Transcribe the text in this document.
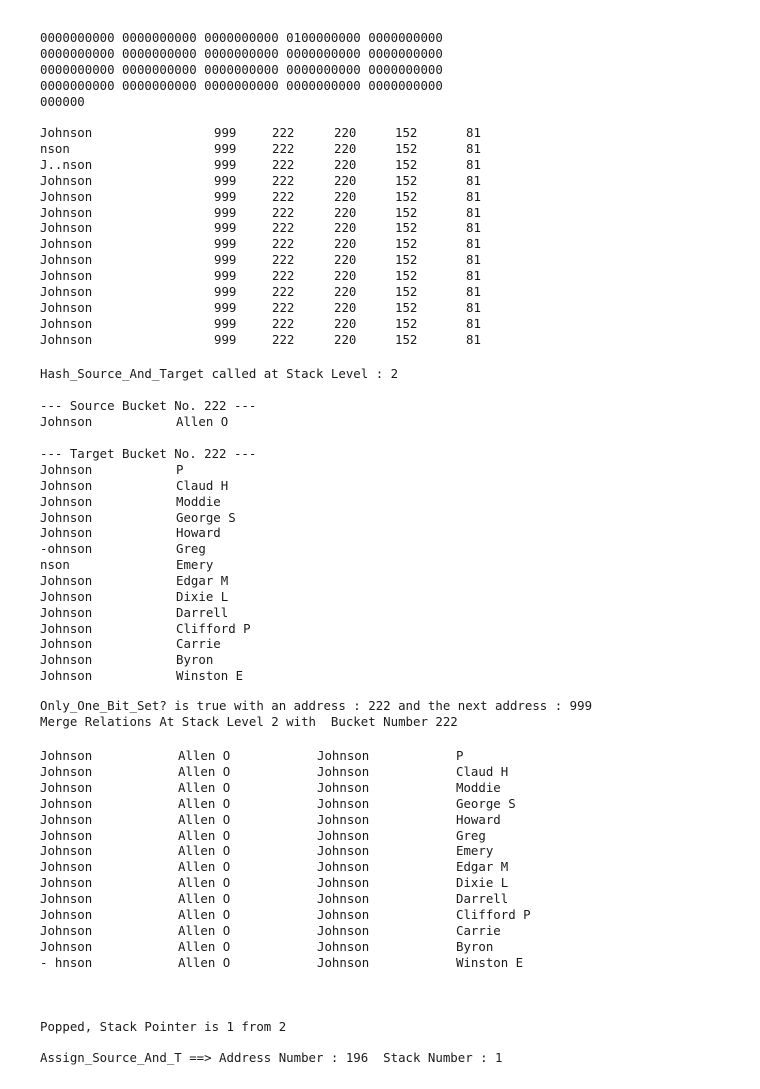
0000000000 0000000000 0000000000 0100000000 0000000000
0000000000 0000000000 0000000000 0000000000 0000000000
0000000000 0000000000 0000000000 0000000000 0000000000
0000000000 0000000000 0000000000 0000000000 0000000000
000000
Johnson	999	222	220	152	81
nson	999	222	220	152	81
J..nson	999	222	220	152	81
Johnson	999	222	220	152	81
Johnson	999	222	220	152	81
Johnson	999	222	220	152	81
Johnson	999	222	220	152	81
Johnson	999	222	220	152	81
Johnson	999	222	220	152	81
Johnson	999	222	220	152	81
Johnson	999	222	220	152	81
Johnson	999	222	220	152	81
Johnson	999	222	220	152	81
Johnson	999	222	220	152	81
Hash_Source_And_Target called at Stack Level : 2
--- Source Bucket No. 222 ---
Johnson	Allen O
--- Target Bucket No. 222 ---
Johnson	P
Johnson	Claud H
Johnson	Moddie
Johnson	George S
Johnson	Howard
-ohnson	Greg
nson	Emery
Johnson	Edgar M
Johnson	Dixie L
Johnson	Darrell
Johnson	Clifford P
Johnson	Carrie
Johnson	Byron
Johnson	Winston E
Only_One_Bit_Set? is true with an address : 222 and the next address : 999
Merge Relations At Stack Level 2 with  Bucket Number 222
Johnson	Allen O	Johnson	P
Johnson	Allen O	Johnson	Claud H
Johnson	Allen O	Johnson	Moddie
Johnson	Allen O	Johnson	George S
Johnson	Allen O	Johnson	Howard
Johnson	Allen O	Johnson	Greg
Johnson	Allen O	Johnson	Emery
Johnson	Allen O	Johnson	Edgar M
Johnson	Allen O	Johnson	Dixie L
Johnson	Allen O	Johnson	Darrell
Johnson	Allen O	Johnson	Clifford P
Johnson	Allen O	Johnson	Carrie
Johnson	Allen O	Johnson	Byron
- hnson	Allen O	Johnson	Winston E
Popped, Stack Pointer is 1 from 2
Assign_Source_And_T ==> Address Number : 196  Stack Number : 1
